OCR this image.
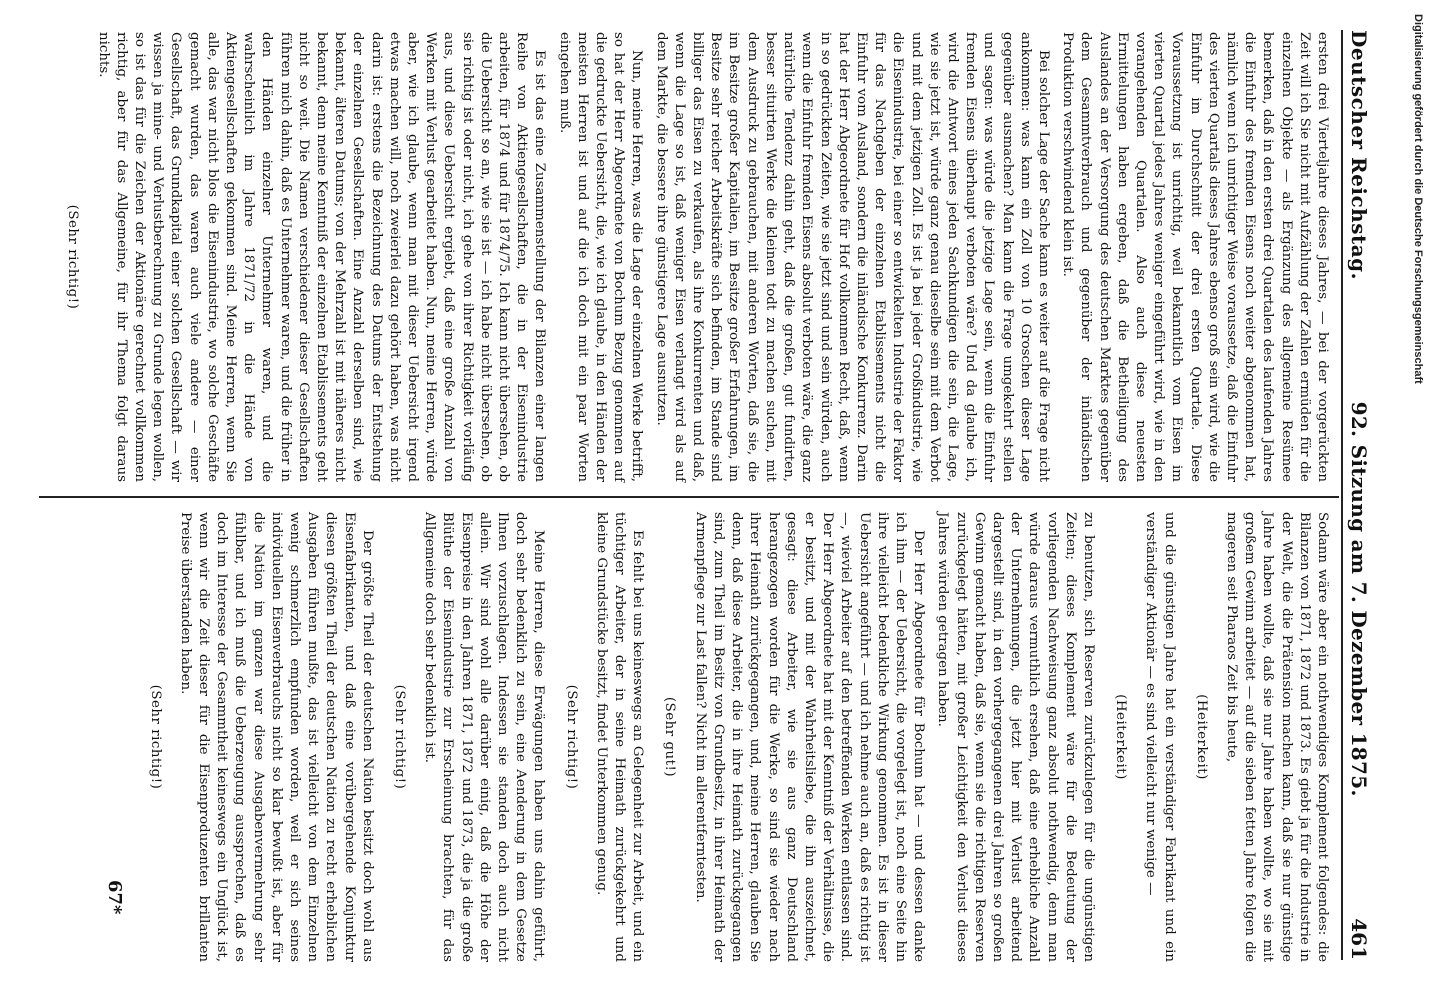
Deutscher Reichstag.
92. Sitzung am 7. Dezember 1875.
461

ersten drei Vierteljahre dieses Jahres, — bei der vorgerückten Zeit will ich Sie nicht mit Aufzählung der Zahlen ermüden für die einzelnen Objekte — als Ergänzung des allgemeine Resümee bemerken, daß in den ersten drei Quartalen des laufenden Jahres die Einfuhr des fremden Eisens noch weiter abgenommen hat, nämlich wenn ich unrichtiger Weise voraussetze, daß die Einfuhr des vierten Quartals dieses Jahres ebenso groß sein wird, wie die Einfuhr im Durchschnitt der drei ersten Quartale. Diese Voraussetzung ist unrichtig, weil bekanntlich vom Eisen im vierten Quartal jedes Jahres weniger eingeführt wird, wie in den vorangehenden Quartalen. Also auch diese neuesten Ermittelungen haben ergeben, daß die Betheiligung des Auslandes an der Versorgung des deutschen Marktes gegenüber dem Gesammtverbrauch und gegenüber der inländischen Produktion verschwindend klein ist.

Bei solcher Lage der Sache kann es weiter auf die Frage nicht ankommen: was kann ein Zoll von 10 Groschen dieser Lage gegenüber ausmachen? Man kann die Frage umgekehrt stellen und sagen: was würde die jetzige Lage sein, wenn die Einfuhr fremden Eisens überhaupt verboten wäre? Und da glaube ich, wird die Antwort eines jeden Sachkundigen die sein, die Lage, wie sie jetzt ist, würde ganz genau dieselbe sein mit dem Verbot und mit dem jetzigen Zoll. Es ist ja bei jeder Großindustrie, wie die Eisenindustrie, bei einer so entwickelten Industrie der Faktor für das Nachgeben der einzelnen Etablissements nicht die Einfuhr vom Ausland, sondern die inländische Konkurrenz. Darin hat der Herr Abgeordnete für Hof vollkommen Recht, daß, wenn in so gedrückten Zeiten, wie sie jetzt sind und sein würden, auch wenn die Einfuhr fremden Eisens absolut verboten wäre, die ganz natürliche Tendenz dahin geht, daß die großen, gut fundirten, besser situirten Werke die kleinen todt zu machen suchen, mit dem Ausdruck zu gebrauchen, mit anderen Worten, daß sie, die im Besitze großer Kapitalien, im Besitze großer Erfahrungen, im Besitze sehr reicher Arbeitskräfte sich befinden, im Stande sind billiger das Eisen zu verkaufen, als ihre Konkurrenten und daß, wenn die Lage so ist, daß weniger Eisen verlangt wird als auf dem Markte, die bessere ihre günstigere Lage ausnutzen.

Nun, meine Herren, was die Lage der einzelnen Werke betrifft, so hat der Herr Abgeordnete von Bochum Bezug genommen auf die gedruckte Uebersicht, die, wie ich glaube, in den Händen der meisten Herren ist und auf die ich doch mit ein paar Worten eingehen muß.

Es ist das eine Zusammenstellung der Bilanzen einer langen Reihe von Aktiengesellschaften, die in der Eisenindustrie arbeiten, für 1874 und für 1874/75. Ich kann nicht übersehen, ob die Uebersicht so an, wie sie ist — ich habe nicht übersehen, ob sie richtig ist oder nicht, ich gehe von ihrer Richtigkeit vorläufig aus, und diese Uebersicht ergiebt, daß eine große Anzahl von Werken mit Verlust gearbeitet haben. Nun, meine Herren, würde aber, wie ich glaube, wenn man mit dieser Uebersicht irgend etwas machen will, noch zweierlei dazu gehört haben, was nicht darin ist: erstens die Bezeichnung des Datums der Entstehung der einzelnen Gesellschaften. Eine Anzahl derselben sind, wie bekannt, älteren Datums; von der Mehrzahl ist mit näheres nicht bekannt, denn meine Kenntniß der einzelnen Etablissements geht nicht so weit. Die Namen verschiedener dieser Gesellschaften führen mich dahin, daß es Unternehmer waren, und die früher in den Händen einzelner Unternehmer waren, und die wahrscheinlich im Jahre 1871/72 in die Hände von Aktiengesellschaften gekommen sind. Meine Herren, wenn Sie alle, das war nicht blos die Eisenindustrie, wo solche Geschäfte gemacht wurden, das waren auch viele andere — einer Gesellschaft, das Grundkapital einer solchen Gesellschaft — wir wissen ja mine- und Verlustberechnung zu Grunde legen wollen, so ist das für die Zeichen der Aktionäre gerechnet vollkommen richtig, aber für das Allgemeine, für ihr Thema folgt daraus nichts.

(Sehr richtig!)

Sodann wäre aber ein nothwendiges Komplement folgendes: die Bilanzen von 1871, 1872 und 1873. Es giebt ja für die Industrie in der Welt, die die Prätension machen kann, daß sie nur günstige Jahre haben wollte, daß sie nur Jahre haben wollte, wo sie mit großem Gewinn arbeitet — auf die sieben fetten Jahre folgen die mageren seit Pharaos Zeit bis heute,

(Heiterkeit)

und die günstigen Jahre hat ein verständiger Fabrikant und ein verständiger Aktionär — es sind vielleicht nur wenige —

(Heiterkeit)

zu benutzen, sich Reserven zurückzulegen für die ungünstigen Zeiten; dieses Komplement wäre für die Bedeutung der vorliegenden Nachweisung ganz absolut nothwendig, denn man würde daraus vermuthlich ersehen, daß eine erhebliche Anzahl der Unternehmungen, die jetzt hier mit Verlust arbeitend dargestellt sind, in den vorhergegangenen drei Jahren so großen Gewinn gemacht haben, daß sie, wenn sie die richtigen Reserven zurückgelegt hätten, mit großer Leichtigkeit den Verlust dieses Jahres würden getragen haben.

Der Herr Abgeordnete für Bochum hat — und dessen danke ich ihm — der Uebersicht, die vorgelegt ist, noch eine Seite hin ihre vielleicht bedenkliche Wirkung genommen. Es ist in dieser Uebersicht angeführt — und ich nehme auch an, daß es richtig ist —, wieviel Arbeiter auf den betreffenden Werken entlassen sind. Der Herr Abgeordnete hat mit der Kenntniß der Verhältnisse, die er besitzt, und mit der Wahrheitsliebe, die ihn auszeichnet, gesagt: diese Arbeiter, wie sie aus ganz Deutschland herangezogen worden für die Werke, so sind sie wieder nach ihrer Heimath zurückgegangen, und, meine Herren, glauben Sie denn, daß diese Arbeiter, die in ihre Heimath zurückgegangen sind, zum Theil im Besitz von Grundbesitz, in ihrer Heimath der Armenpflege zur Last fallen? Nicht im allerentferntesten.

(Sehr gut!)

Es fehlt bei uns keineswegs an Gelegenheit zur Arbeit, und ein tüchtiger Arbeiter, der in seine Heimath zurückgekehrt und kleine Grundstücke besitzt, findet Unterkommen genug.

(Sehr richtig!)

Meine Herren, diese Erwägungen haben uns dahin geführt, doch sehr bedenklich zu sein, eine Aenderung in dem Gesetze Ihnen vorzuschlagen. Indessen sie standen doch auch nicht allein. Wir sind wohl alle darüber einig, daß die Höhe der Eisenpreise in den Jahren 1871, 1872 und 1873, die ja die große Blüthe der Eisenindustrie zur Erscheinung brachten, für das Allgemeine doch sehr bedenklich ist.

(Sehr richtig!)

Der größte Theil der deutschen Nation besitzt doch wohl aus Eisenfabrikanten, und daß eine vorübergehende Konjunktur diesen größten Theil der deutschen Nation zu recht erheblichen Ausgaben führen mußte, das ist vielleicht von dem Einzelnen wenig schmerzlich empfunden worden, weil er sich seines individuellen Eisenverbrauchs nicht so klar bewußt ist, aber für die Nation im ganzen war diese Ausgabenvermehrung sehr fühlbar, und ich muß die Ueberzeugung aussprechen, daß es doch im Interesse der Gesammtheit keineswegs ein Unglück ist, wenn wir die Zeit dieser für die Eisenproduzenten brillanten Preise überstanden haben.

(Sehr richtig!)

67*
Digitalisierung gefördert durch die Deutsche Forschungsgemeinschaft
